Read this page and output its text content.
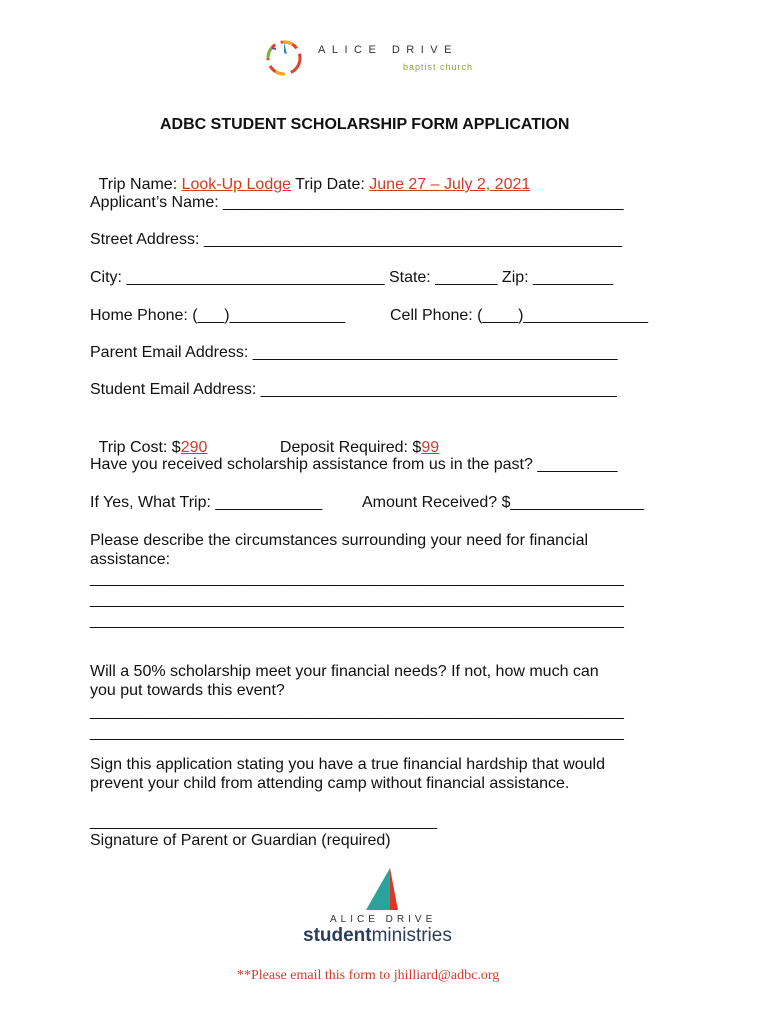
ALICE DRIVE
baptist church
ADBC STUDENT SCHOLARSHIP FORM APPLICATION

Trip Name: Look-Up Lodge Trip Date: June 27 – July 2, 2021

Applicant’s Name: _____________________________________________
Street Address: _______________________________________________
City: _____________________________ State: _______ Zip: _________
Home Phone: (___)_____________	Cell Phone: (____)______________
Parent Email Address: _________________________________________
Student Email Address: ________________________________________

Trip Cost: $290	Deposit Required: $99

Have you received scholarship assistance from us in the past? _________
If Yes, What Trip: ____________ Amount Received? $_______________
Please describe the circumstances surrounding your need for financial
assistance:
____________________________________________________________
____________________________________________________________
____________________________________________________________
Will a 50% scholarship meet your financial needs? If not, how much can
you put towards this event?
____________________________________________________________
____________________________________________________________
Sign this application stating you have a true financial hardship that would
prevent your child from attending camp without financial assistance.
_______________________________________
Signature of Parent or Guardian (required)
ALICE DRIVE
studentministries
**Please email this form to jhilliard@adbc.org
